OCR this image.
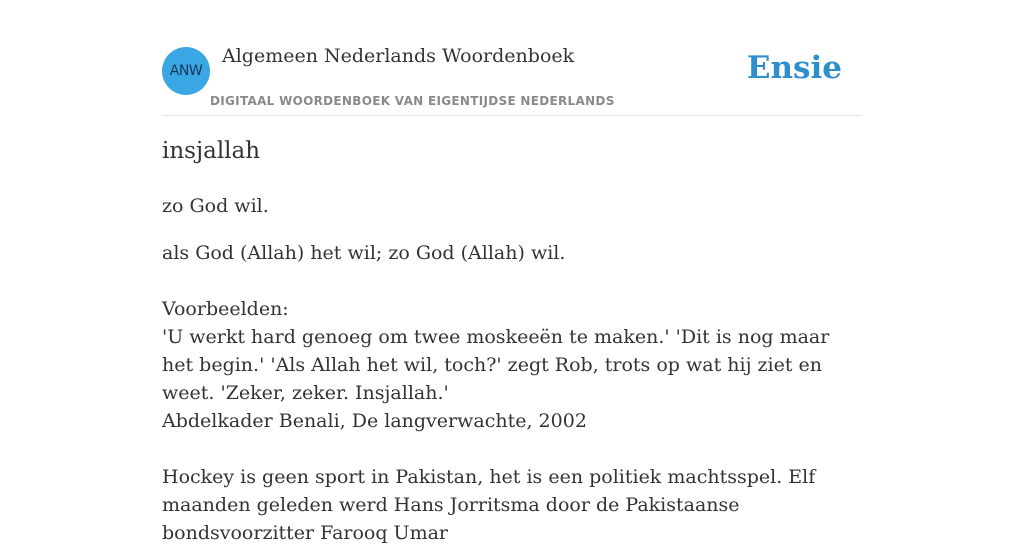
ANW
Algemeen Nederlands Woordenboek
DIGITAAL WOORDENBOEK VAN EIGENTIJDSE NEDERLANDS
Ensie
insjallah

zo God wil.

als God (Allah) het wil; zo God (Allah) wil.
Voorbeelden:
'U werkt hard genoeg om twee moskeeën te maken.' 'Dit is nog maar het begin.' 'Als Allah het wil, toch?' zegt Rob, trots op wat hij ziet en weet. 'Zeker, zeker. Insjallah.'
Abdelkader Benali, De langverwachte, 2002
Hockey is geen sport in Pakistan, het is een politiek machtsspel. Elf maanden geleden werd Hans Jorritsma door de Pakistaanse bondsvoorzitter Farooq Umar
